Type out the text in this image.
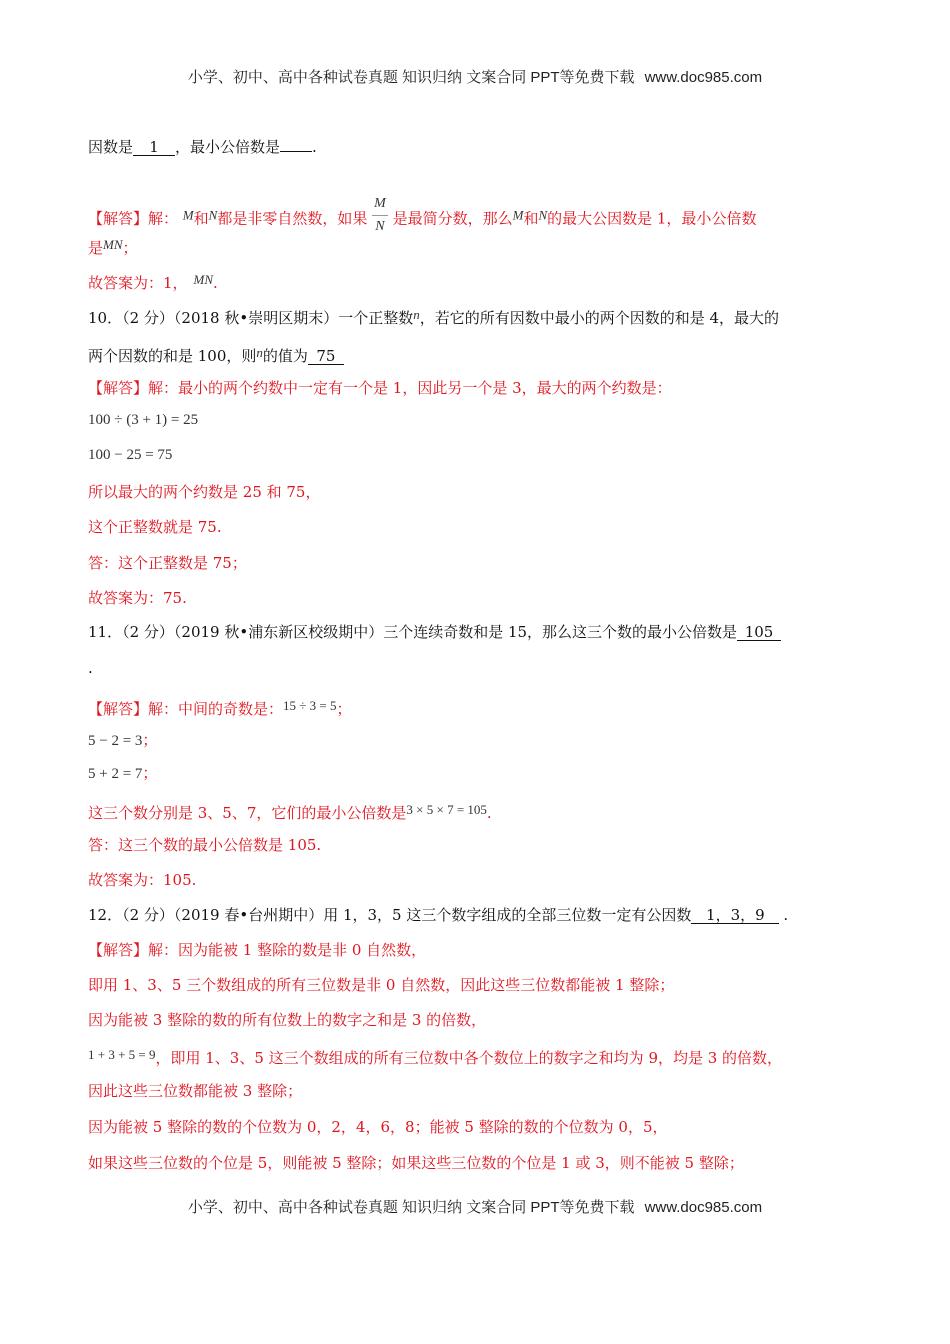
小学、初中、高中各种试卷真题 知识归纳 文案合同 PPT等免费下载 www.doc985.com
因数是 1 ，最小公倍数是 .
【解答】解： M和N都是非零自然数，如果 $\frac{M}{N}$ 是最简分数，那么M和N的最大公因数是 1，最小公倍数
是MN；
故答案为：1， MN.
10．（2 分）（2018 秋•崇明区期末）一个正整数n，若它的所有因数中最小的两个因数的和是 4，最大的
两个因数的和是 100，则n的值为 75
【解答】解：最小的两个约数中一定有一个是 1，因此另一个是 3，最大的两个约数是：
100 ÷ (3 + 1) = 25
100 − 25 = 75
所以最大的两个约数是 25 和 75，
这个正整数就是 75.
答：这个正整数是 75；
故答案为：75.
11．（2 分）（2019 秋•浦东新区校级期中）三个连续奇数和是 15，那么这三个数的最小公倍数是 105
.
【解答】解：中间的奇数是：15 ÷ 3 = 5；
5 − 2 = 3；
5 + 2 = 7；
这三个数分别是 3、5、7，它们的最小公倍数是3 × 5 × 7 = 105.
答：这三个数的最小公倍数是 105.
故答案为：105.
12．（2 分）（2019 春•台州期中）用 1，3，5 这三个数字组成的全部三位数一定有公因数 1，3，9 .
【解答】解：因为能被 1 整除的数是非 0 自然数，
即用 1、3、5 三个数组成的所有三位数是非 0 自然数，因此这些三位数都能被 1 整除；
因为能被 3 整除的数的所有位数上的数字之和是 3 的倍数，
1 + 3 + 5 = 9，即用 1、3、5 这三个数组成的所有三位数中各个数位上的数字之和均为 9，均是 3 的倍数，
因此这些三位数都能被 3 整除；
因为能被 5 整除的数的个位数为 0，2，4，6，8；能被 5 整除的数的个位数为 0，5，
如果这些三位数的个位是 5，则能被 5 整除；如果这些三位数的个位是 1 或 3，则不能被 5 整除；
小学、初中、高中各种试卷真题 知识归纳 文案合同 PPT等免费下载 www.doc985.com
